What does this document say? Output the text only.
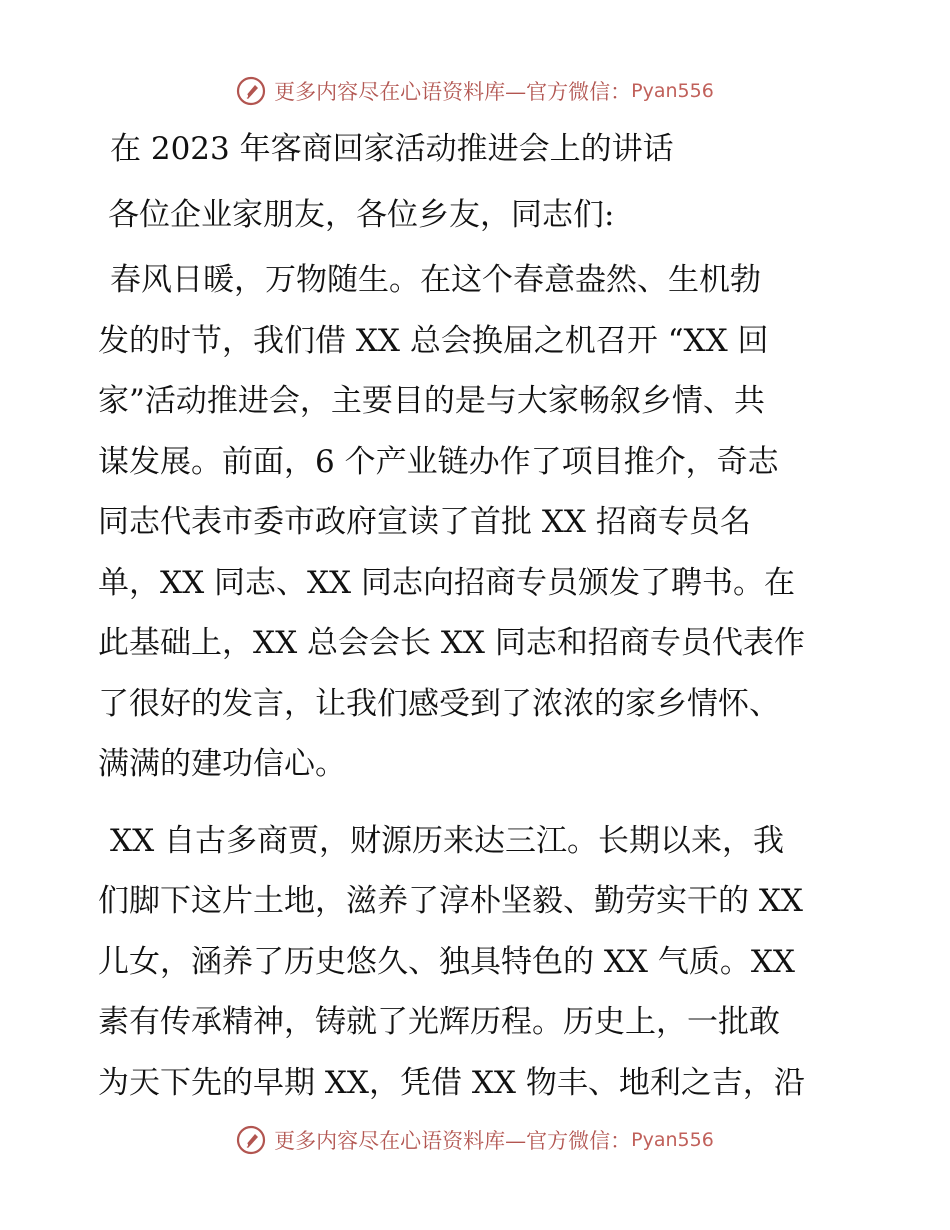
更多内容尽在心语资料库—官方微信： Pyan556
在 2023 年客商回家活动推进会上的讲话
各位企业家朋友，各位乡友，同志们:
春风日暖，万物随生。在这个春意盎然、生机勃
发的时节，我们借 XX 总会换届之机召开 “XX 回
家”活动推进会，主要目的是与大家畅叙乡情、共
谋发展。前面，6 个产业链办作了项目推介，奇志
同志代表市委市政府宣读了首批 XX 招商专员名
单，XX 同志、XX 同志向招商专员颁发了聘书。在
此基础上，XX 总会会长 XX 同志和招商专员代表作
了很好的发言，让我们感受到了浓浓的家乡情怀、
满满的建功信心。
XX 自古多商贾，财源历来达三江。长期以来，我
们脚下这片土地，滋养了淳朴坚毅、勤劳实干的 XX
儿女，涵养了历史悠久、独具特色的 XX 气质。XX
素有传承精神，铸就了光辉历程。历史上，一批敢
为天下先的早期 XX，凭借 XX 物丰、地利之吉，沿
更多内容尽在心语资料库—官方微信： Pyan556
